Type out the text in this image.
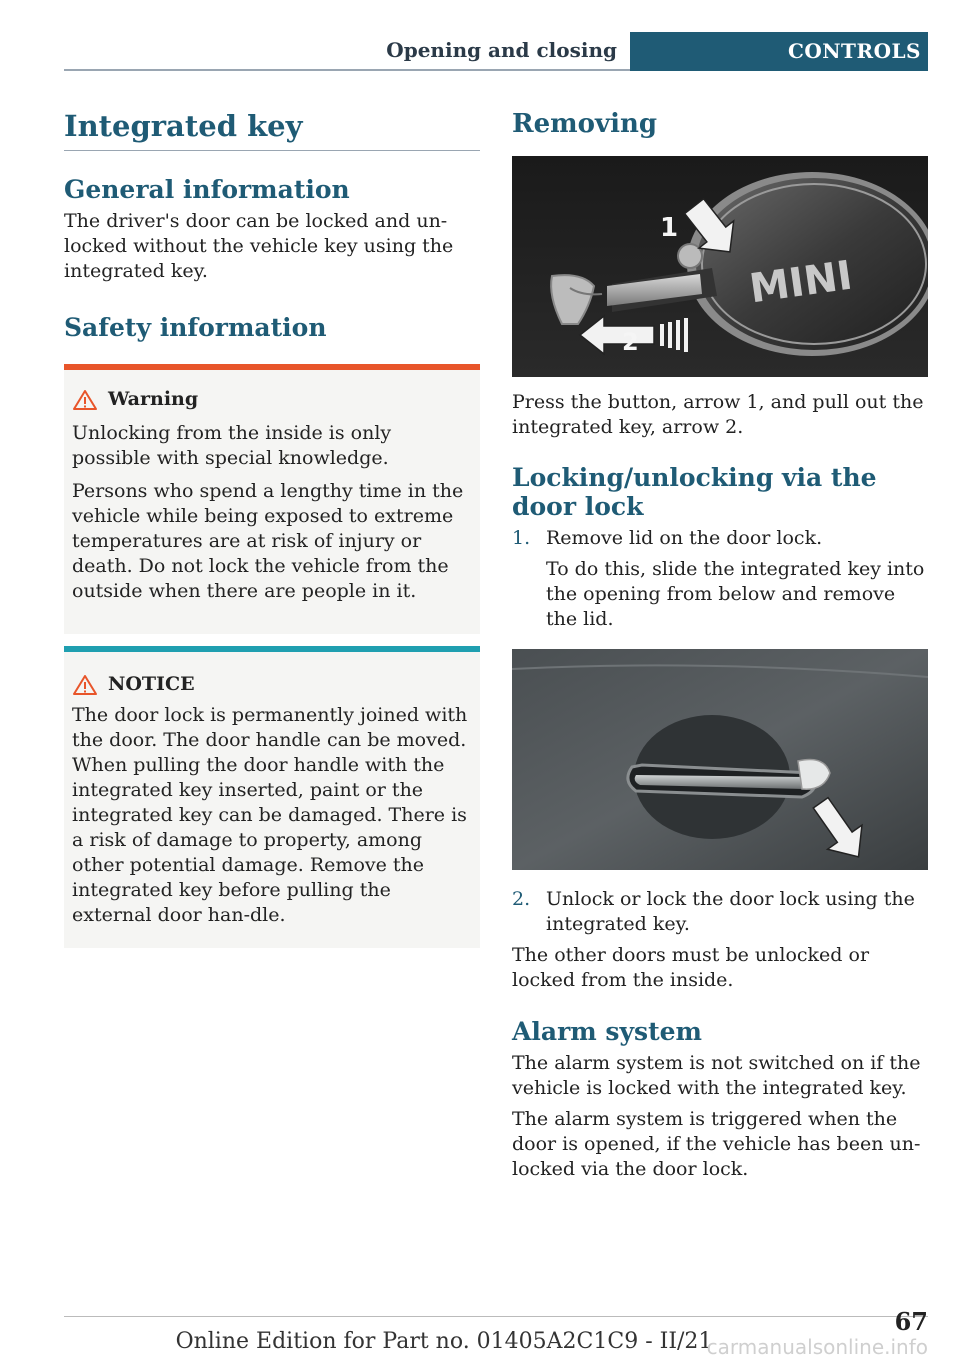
Opening and closing	CONTROLS
Integrated key
General information

The driver's door can be locked and un-locked without the vehicle key using the integrated key.

Safety information
Warning

Unlocking from the inside is only possible with special knowledge.

Persons who spend a lengthy time in the vehicle while being exposed to extreme temperatures are at risk of injury or death. Do not lock the vehicle from the outside when there are people in it.

NOTICE

The door lock is permanently joined with the door. The door handle can be moved. When pulling the door handle with the integrated key inserted, paint or the integrated key can be damaged. There is a risk of damage to property, among other potential damage. Remove the integrated key before pulling the external door han-dle.

Removing
1
2
MINI

Press the button, arrow 1, and pull out the integrated key, arrow 2.

Locking/unlocking via the door lock
1. Remove lid on the door lock.

To do this, slide the integrated key into the opening from below and remove the lid.

2. Unlock or lock the door lock using the integrated key.

The other doors must be unlocked or locked from the inside.

Alarm system

The alarm system is not switched on if the vehicle is locked with the integrated key.

The alarm system is triggered when the door is opened, if the vehicle has been un-locked via the door lock.

Online Edition for Part no. 01405A2C1C9 - II/21
67
carmanualsonline.info
